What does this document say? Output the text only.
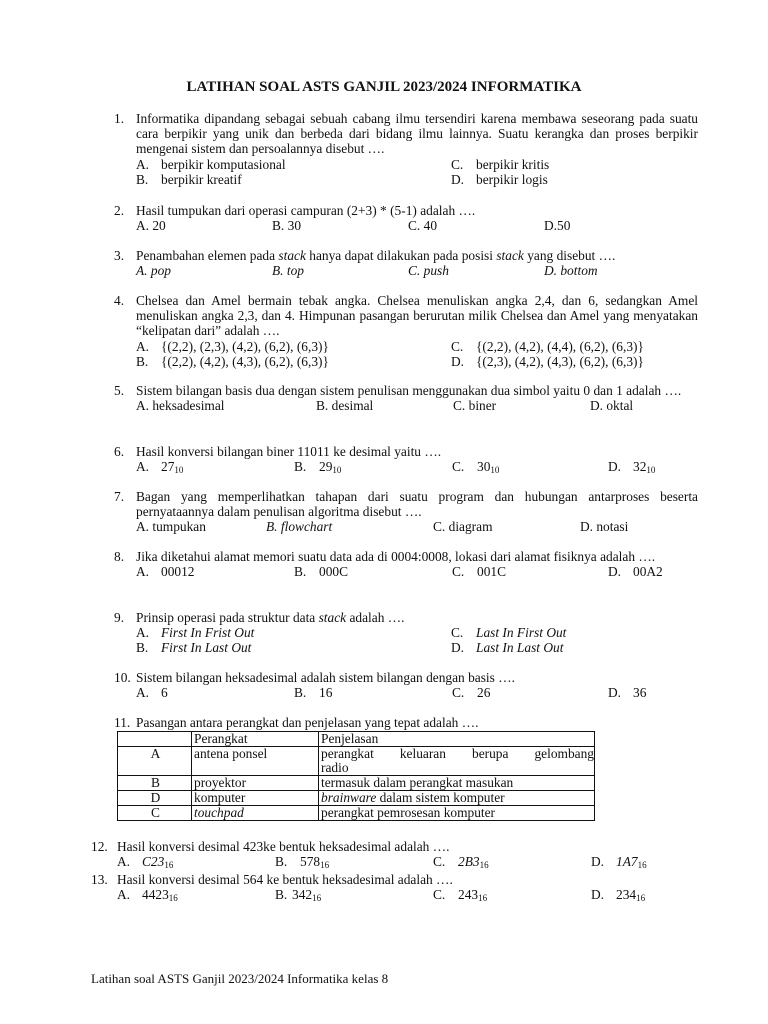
LATIHAN SOAL ASTS GANJIL 2023/2024 INFORMATIKA
1. Informatika dipandang sebagai sebuah cabang ilmu tersendiri karena membawa seseorang pada suatu cara berpikir yang unik dan berbeda dari bidang ilmu lainnya. Suatu kerangka dan proses berpikir mengenai sistem dan persoalannya disebut ….
A. berpikir komputasional	C. berpikir kritis
B. berpikir kreatif	D. berpikir logis
2. Hasil tumpukan dari operasi campuran (2+3) * (5-1) adalah ….
A. 20	B. 30	C. 40	D.50
3. Penambahan elemen pada stack hanya dapat dilakukan pada posisi stack yang disebut ….
A. pop	B. top	C. push	D. bottom
4. Chelsea dan Amel bermain tebak angka. Chelsea menuliskan angka 2,4, dan 6, sedangkan Amel menuliskan angka 2,3, dan 4. Himpunan pasangan berurutan milik Chelsea dan Amel yang menyatakan “kelipatan dari” adalah ….
A. {(2,2), (2,3), (4,2), (6,2), (6,3)}	C. {(2,2), (4,2), (4,4), (6,2), (6,3)}
B. {(2,2), (4,2), (4,3), (6,2), (6,3)}	D. {(2,3), (4,2), (4,3), (6,2), (6,3)}
5. Sistem bilangan basis dua dengan sistem penulisan menggunakan dua simbol yaitu 0 dan 1 adalah ….
A. heksadesimal	B. desimal	C. biner	D. oktal
6. Hasil konversi bilangan biner 11011 ke desimal yaitu ….
A. $27_{10}$	B. $29_{10}$	C. $30_{10}$	D. $32_{10}$
7. Bagan yang memperlihatkan tahapan dari suatu program dan hubungan antarproses beserta pernyataannya dalam penulisan algoritma disebut ….
A. tumpukan	B. flowchart	C. diagram	D. notasi
8. Jika diketahui alamat memori suatu data ada di 0004:0008, lokasi dari alamat fisiknya adalah ….
A. 00012	B. 000C	C. 001C	D. 00A2
9. Prinsip operasi pada struktur data stack adalah ….
A. First In Frist Out	C. Last In First Out
B. First In Last Out	D. Last In Last Out
10. Sistem bilangan heksadesimal adalah sistem bilangan dengan basis ….
A. 6	B. 16	C. 26	D. 36
11. Pasangan antara perangkat dan penjelasan yang tepat adalah ….
	Perangkat	Penjelasan
A	antena ponsel	perangkat keluaran berupa gelombang
radio

B	proyektor	termasuk dalam perangkat masukan
D	komputer	brainware dalam sistem komputer
C	touchpad	perangkat pemrosesan komputer
12. Hasil konversi desimal 423ke bentuk heksadesimal adalah ….
A. $C23_{16}$	B. $578_{16}$	C. $2B3_{16}$	D. $1A7_{16}$
13. Hasil konversi desimal 564 ke bentuk heksadesimal adalah ….
A. $4423_{16}$	B. $342_{16}$	C. $243_{16}$	D. $234_{16}$
Latihan soal ASTS Ganjil 2023/2024 Informatika kelas 8
